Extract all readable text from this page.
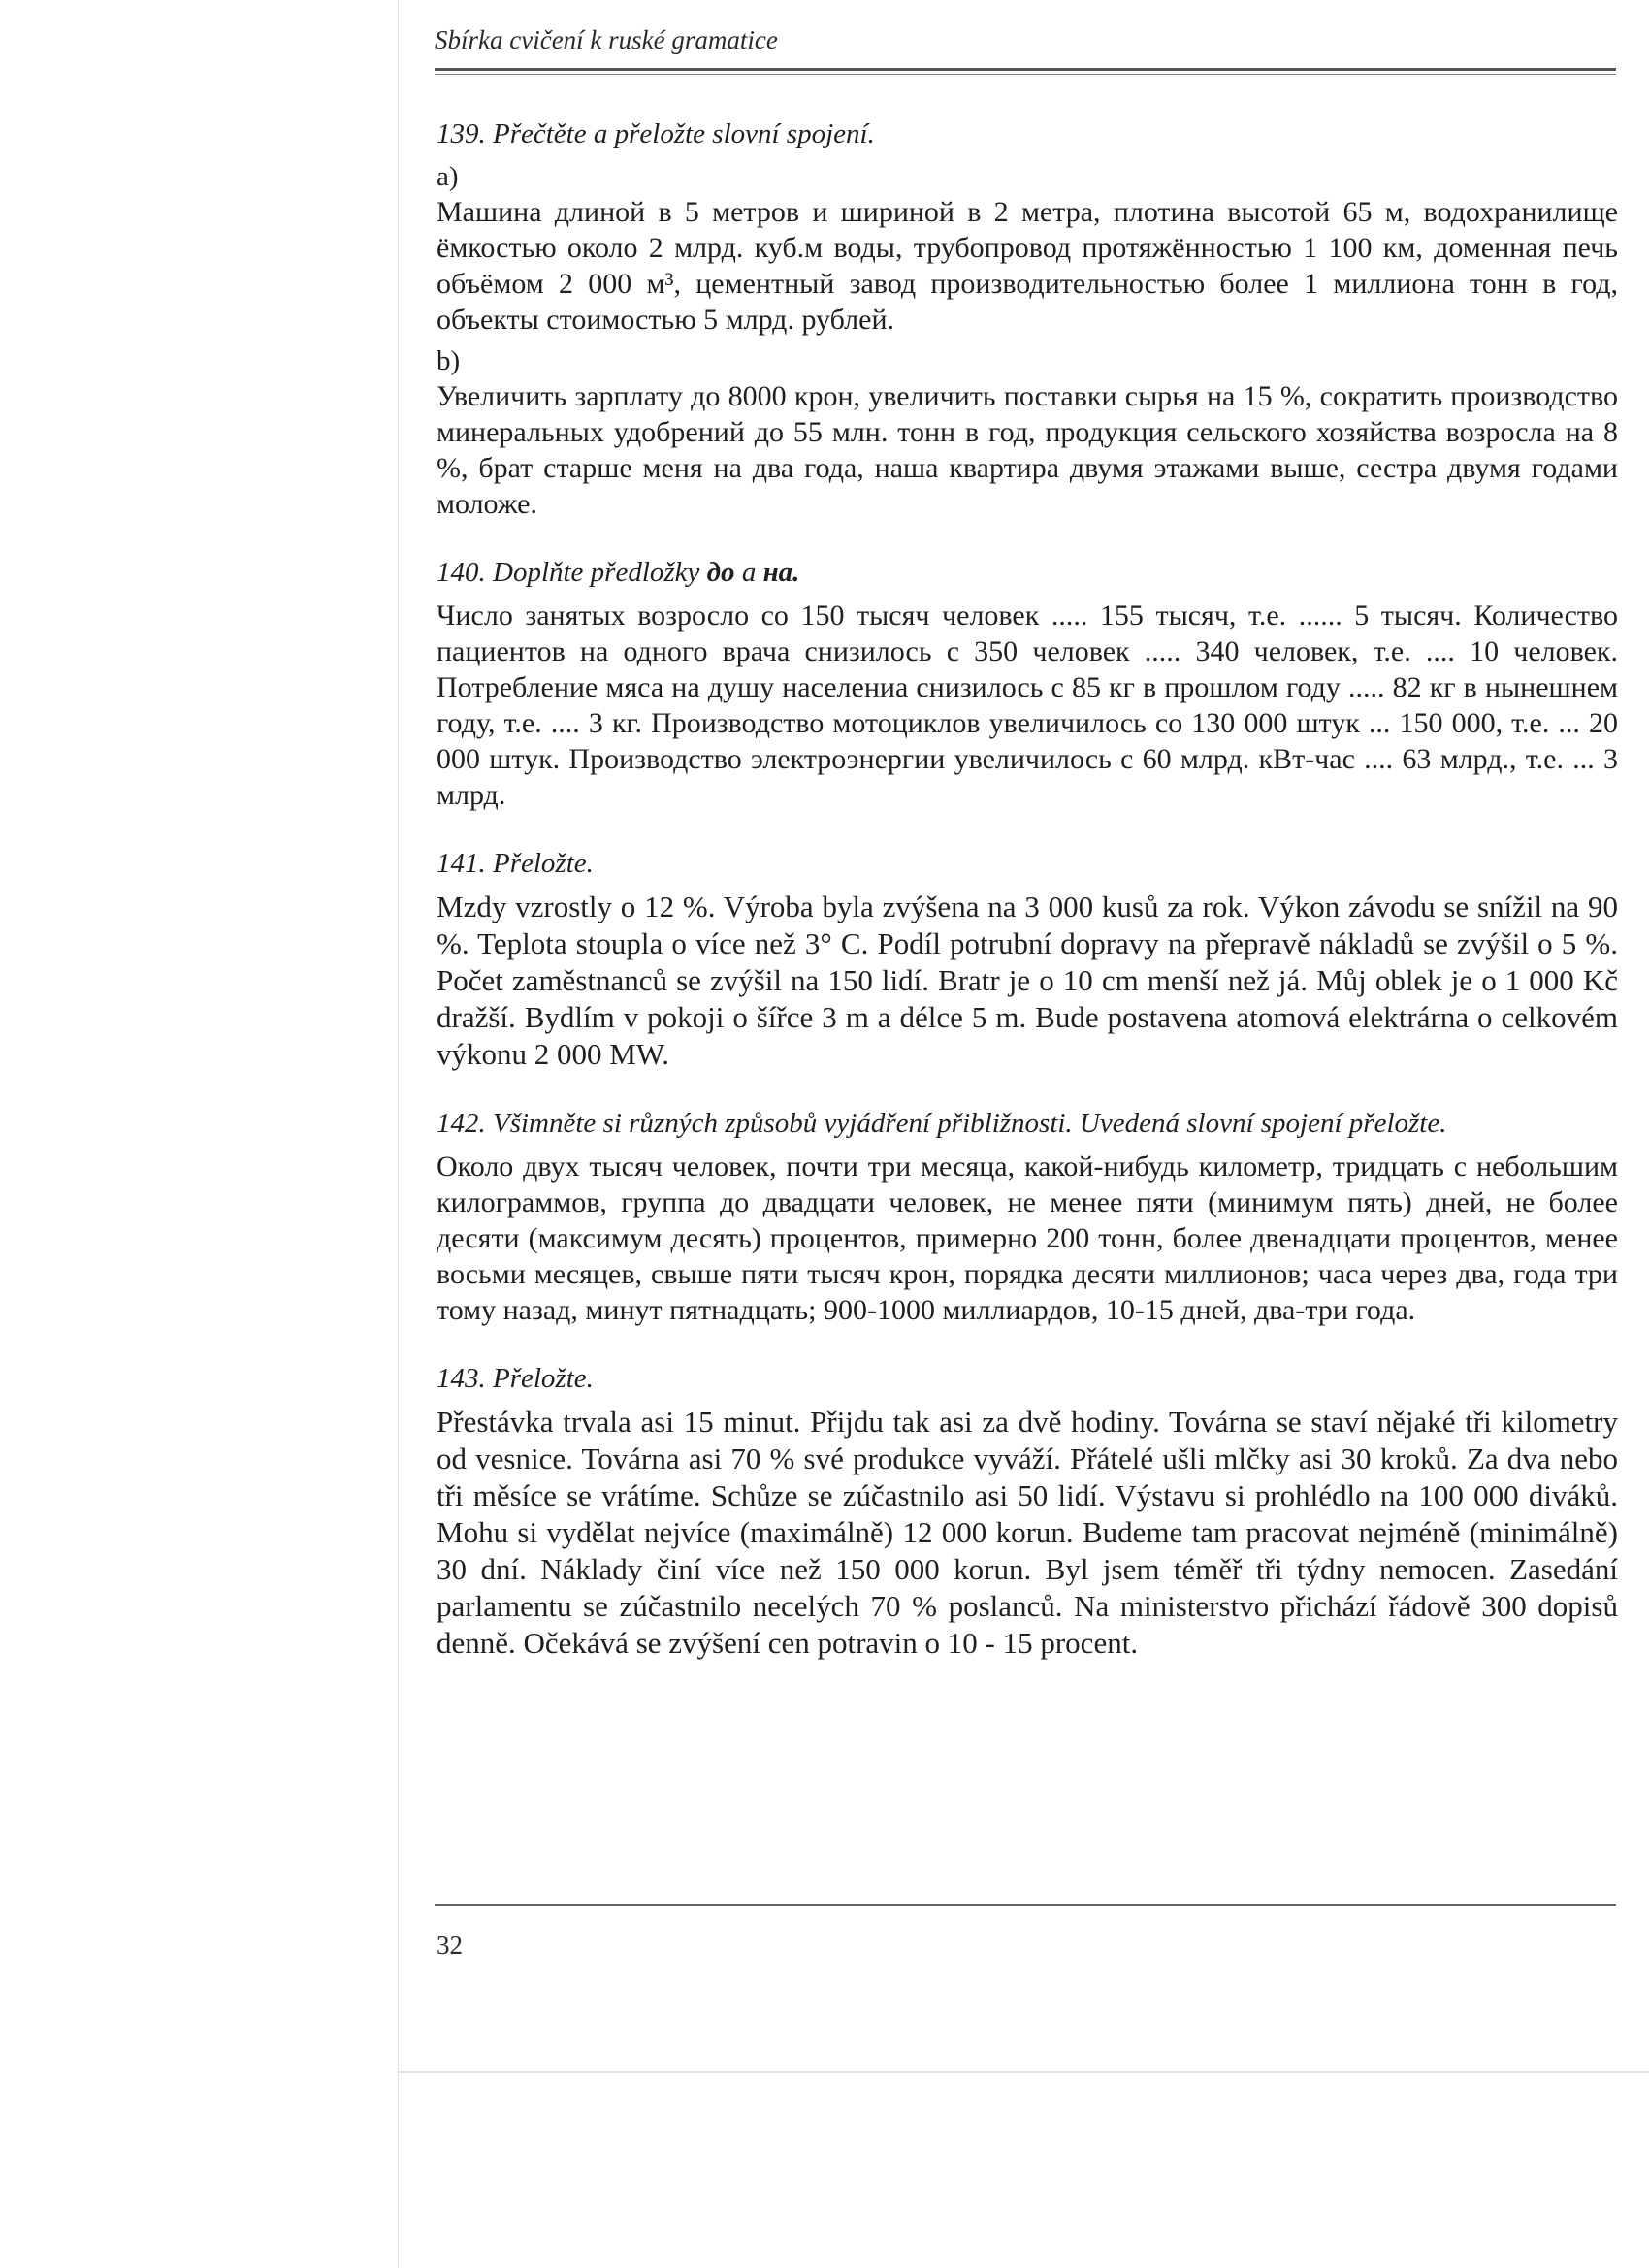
Sbírka cvičení k ruské gramatice
139. Přečtěte a přeložte slovní spojení.
a)
Машина длиной в 5 метров и шириной в 2 метра, плотина высотой 65 м, водохранилище ёмкостью около 2 млрд. куб.м воды, трубопровод протяжённостью 1 100 км, доменная печь объёмом 2 000 м³, цементный завод производительностью более 1 миллиона тонн в год, объекты стоимостью 5 млрд. рублей.
b)
Увеличить зарплату до 8000 крон, увеличить поставки сырья на 15 %, сократить производство минеральных удобрений до 55 млн. тонн в год, продукция сельского хозяйства возросла на 8 %, брат старше меня на два года, наша квартира двумя этажами выше, сестра двумя годами моложе.
140. Doplňte předložky до a на.
Число занятых возросло со 150 тысяч человек ..... 155 тысяч, т.е. ...... 5 тысяч. Количество пациентов на одного врача снизилось с 350 человек ..... 340 человек, т.е. .... 10 человек. Потребление мяса на душу населениа снизилось с 85 кг в прошлом году ..... 82 кг в нынешнем году, т.е. .... 3 кг. Производство мотоциклов увеличилось со 130 000 штук ... 150 000, т.е. ... 20 000 штук. Производство электроэнергии увеличилось с 60 млрд. кВт-час .... 63 млрд., т.е. ... 3 млрд.
141. Přeložte.
Mzdy vzrostly o 12 %. Výroba byla zvýšena na 3 000 kusů za rok. Výkon závodu se snížil na 90 %. Teplota stoupla o více než 3° C. Podíl potrubní dopravy na přepravě nákladů se zvýšil o 5 %. Počet zaměstnanců se zvýšil na 150 lidí. Bratr je o 10 cm menší než já. Můj oblek je o 1 000 Kč dražší. Bydlím v pokoji o šířce 3 m a délce 5 m. Bude postavena atomová elektrárna o celkovém výkonu 2 000 MW.
142. Všimněte si různých způsobů vyjádření přibližnosti. Uvedená slovní spojení přeložte.
Около двух тысяч человек, почти три месяца, какой-нибудь километр, тридцать с небольшим килограммов, группа до двадцати человек, не менее пяти (минимум пять) дней, не более десяти (максимум десять) процентов, примерно 200 тонн, более двенадцати процентов, менее восьми месяцев, свыше пяти тысяч крон, порядка десяти миллионов; часа через два, года три тому назад, минут пятнадцать; 900-1000 миллиардов, 10-15 дней, два-три года.
143. Přeložte.
Přestávka trvala asi 15 minut. Přijdu tak asi za dvě hodiny. Továrna se staví nějaké tři kilometry od vesnice. Továrna asi 70 % své produkce vyváží. Přátelé ušli mlčky asi 30 kroků. Za dva nebo tři měsíce se vrátíme. Schůze se zúčastnilo asi 50 lidí. Výstavu si prohlédlo na 100 000 diváků. Mohu si vydělat nejvíce (maximálně) 12 000 korun. Budeme tam pracovat nejméně (minimálně) 30 dní. Náklady činí více než 150 000 korun. Byl jsem téměř tři týdny nemocen. Zasedání parlamentu se zúčastnilo necelých 70 % poslanců. Na ministerstvo přichází řádově 300 dopisů denně. Očekává se zvýšení cen potravin o 10 - 15 procent.
32
